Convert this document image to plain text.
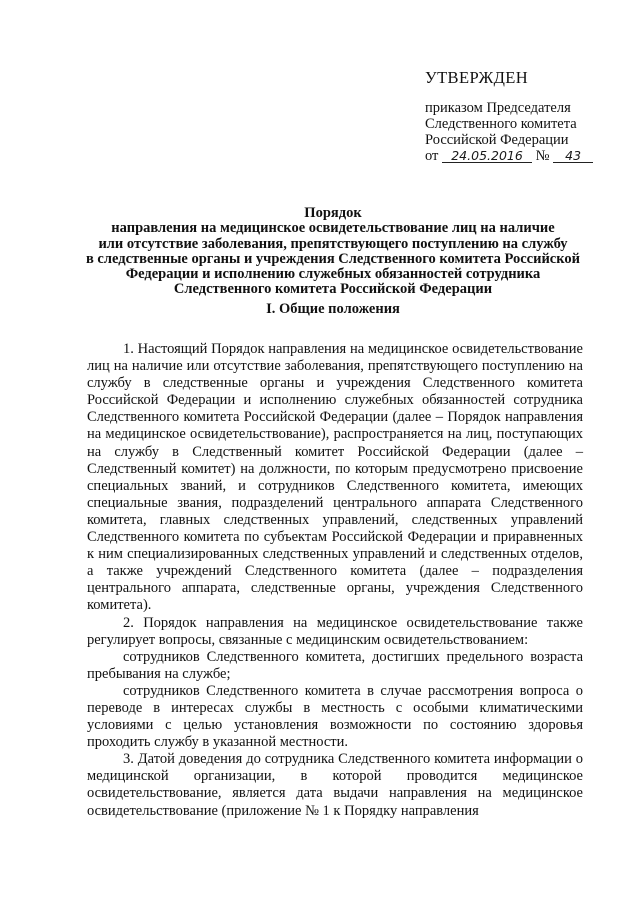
УТВЕРЖДЕН
приказом Председателя
Следственного комитета
Российской Федерации
от 24.05.2016 № 43
Порядок
направления на медицинское освидетельствование лиц на наличие
или отсутствие заболевания, препятствующего поступлению на службу
в следственные органы и учреждения Следственного комитета Российской
Федерации и исполнению служебных обязанностей сотрудника
Следственного комитета Российской Федерации
I. Общие положения

1. Настоящий Порядок направления на медицинское освидетельствование лиц на наличие или отсутствие заболевания, препятствующего поступлению на службу в следственные органы и учреждения Следственного комитета Российской Федерации и исполнению служебных обязанностей сотрудника Следственного комитета Российской Федерации (далее – Порядок направления на медицинское освидетельствование), распространяется на лиц, поступающих на службу в Следственный комитет Российской Федерации (далее – Следственный комитет) на должности, по которым предусмотрено присвоение специальных званий, и сотрудников Следственного комитета, имеющих специальные звания, подразделений центрального аппарата Следственного комитета, главных следственных управлений, следственных управлений Следственного комитета по субъектам Российской Федерации и приравненных к ним специализированных следственных управлений и следственных отделов, а также учреждений Следственного комитета (далее – подразделения центрального аппарата, следственные органы, учреждения Следственного комитета).

2. Порядок направления на медицинское освидетельствование также регулирует вопросы, связанные с медицинским освидетельствованием:

сотрудников Следственного комитета, достигших предельного возраста пребывания на службе;

сотрудников Следственного комитета в случае рассмотрения вопроса о переводе в интересах службы в местность с особыми климатическими условиями с целью установления возможности по состоянию здоровья проходить службу в указанной местности.

3. Датой доведения до сотрудника Следственного комитета информации о медицинской организации, в которой проводится медицинское освидетельствование, является дата выдачи направления на медицинское освидетельствование (приложение № 1 к Порядку направления
